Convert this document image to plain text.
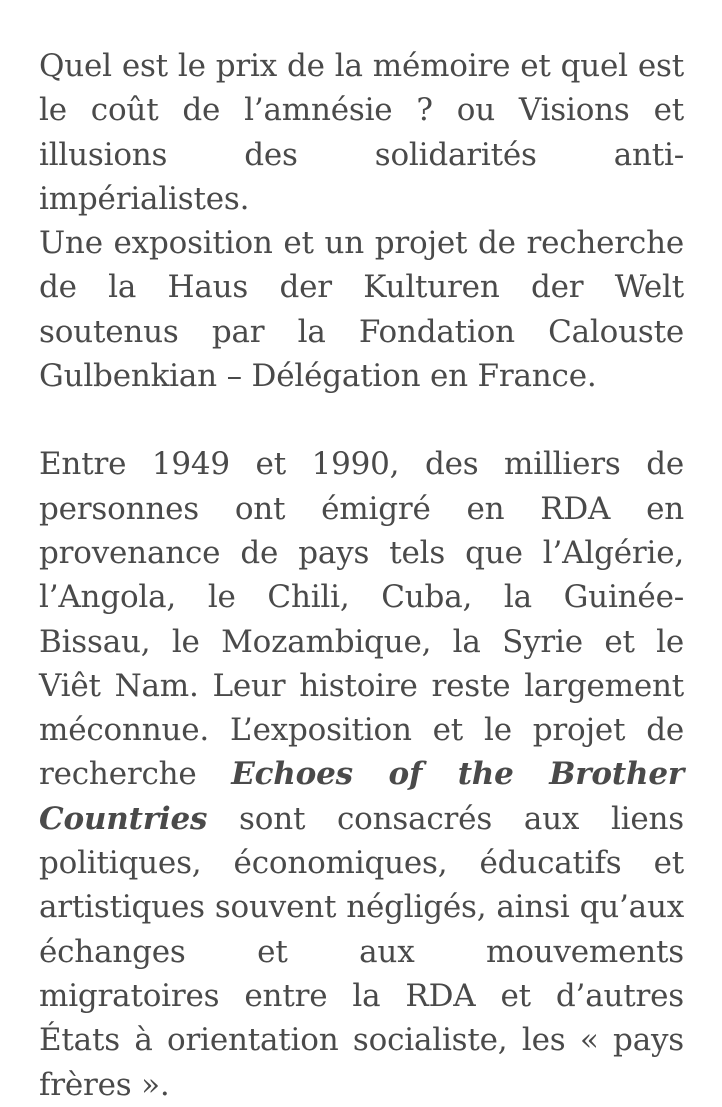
Quel est le prix de la mémoire et quel est le coût de l’amnésie ? ou Visions et illusions des solidarités anti-impérialistes.

Une exposition et un projet de recherche de la Haus der Kulturen der Welt soutenus par la Fondation Calouste Gulbenkian – Délégation en France.

Entre 1949 et 1990, des milliers de personnes ont émigré en RDA en provenance de pays tels que l’Algérie, l’Angola, le Chili, Cuba, la Guinée-Bissau, le Mozambique, la Syrie et le Viêt Nam. Leur histoire reste largement méconnue. L’exposition et le projet de recherche Echoes of the Brother Countries sont consacrés aux liens politiques, économiques, éducatifs et artistiques souvent négligés, ainsi qu’aux échanges et aux mouvements migratoires entre la RDA et d’autres États à orientation socialiste, les « pays frères ».
